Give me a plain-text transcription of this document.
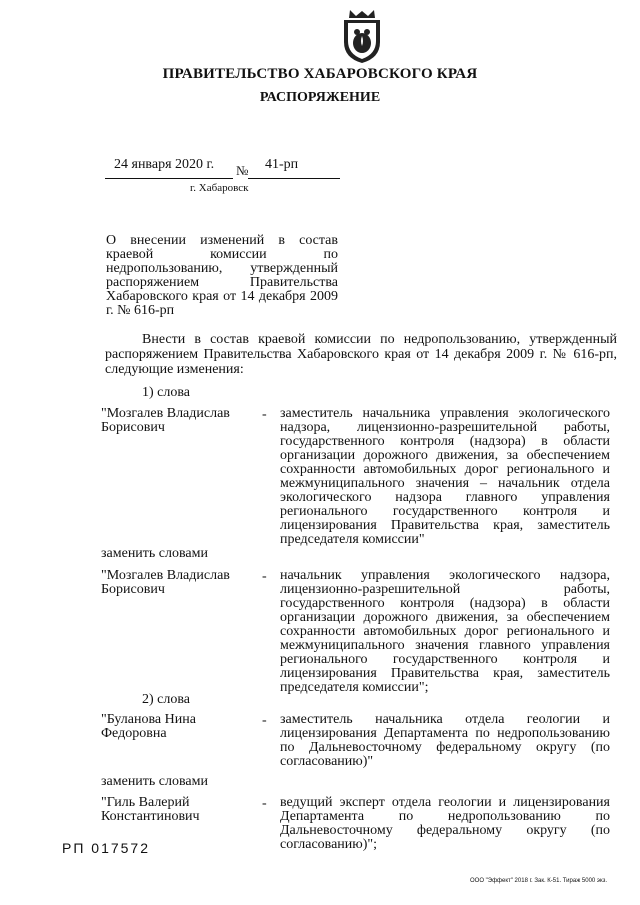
ПРАВИТЕЛЬСТВО ХАБАРОВСКОГО КРАЯ
РАСПОРЯЖЕНИЕ
24 января 2020 г. № 41-рп
г. Хабаровск
О внесении изменений в состав краевой комиссии по недропользованию, утвержденный распоряжением Правительства Хабаровского края от 14 декабря 2009 г. № 616-рп
Внести в состав краевой комиссии по недропользованию, утвержденный распоряжением Правительства Хабаровского края от 14 декабря 2009 г. № 616-рп, следующие изменения:
1) слова
"Мозгалев Владислав Борисович
- заместитель начальника управления экологического надзора, лицензионно-разрешительной работы, государственного контроля (надзора) в области организации дорожного движения, за обеспечением сохранности автомобильных дорог регионального и межмуниципального значения – начальник отдела экологического надзора главного управления регионального государственного контроля и лицензирования Правительства края, заместитель председателя комиссии"
заменить словами
"Мозгалев Владислав Борисович
- начальник управления экологического надзора, лицензионно-разрешительной работы, государственного контроля (надзора) в области организации дорожного движения, за обеспечением сохранности автомобильных дорог регионального и межмуниципального значения главного управления регионального государственного контроля и лицензирования Правительства края, заместитель председателя комиссии";
2) слова
"Буланова Нина Федоровна
- заместитель начальника отдела геологии и лицензирования Департамента по недропользованию по Дальневосточному федеральному округу (по согласованию)"
заменить словами
"Гиль Валерий Константинович
- ведущий эксперт отдела геологии и лицензирования Департамента по недропользованию по Дальневосточному федеральному округу (по согласованию)";
РП 017572
ООО "Эффект" 2018 г. Зак. К-51. Тираж 5000 экз.
